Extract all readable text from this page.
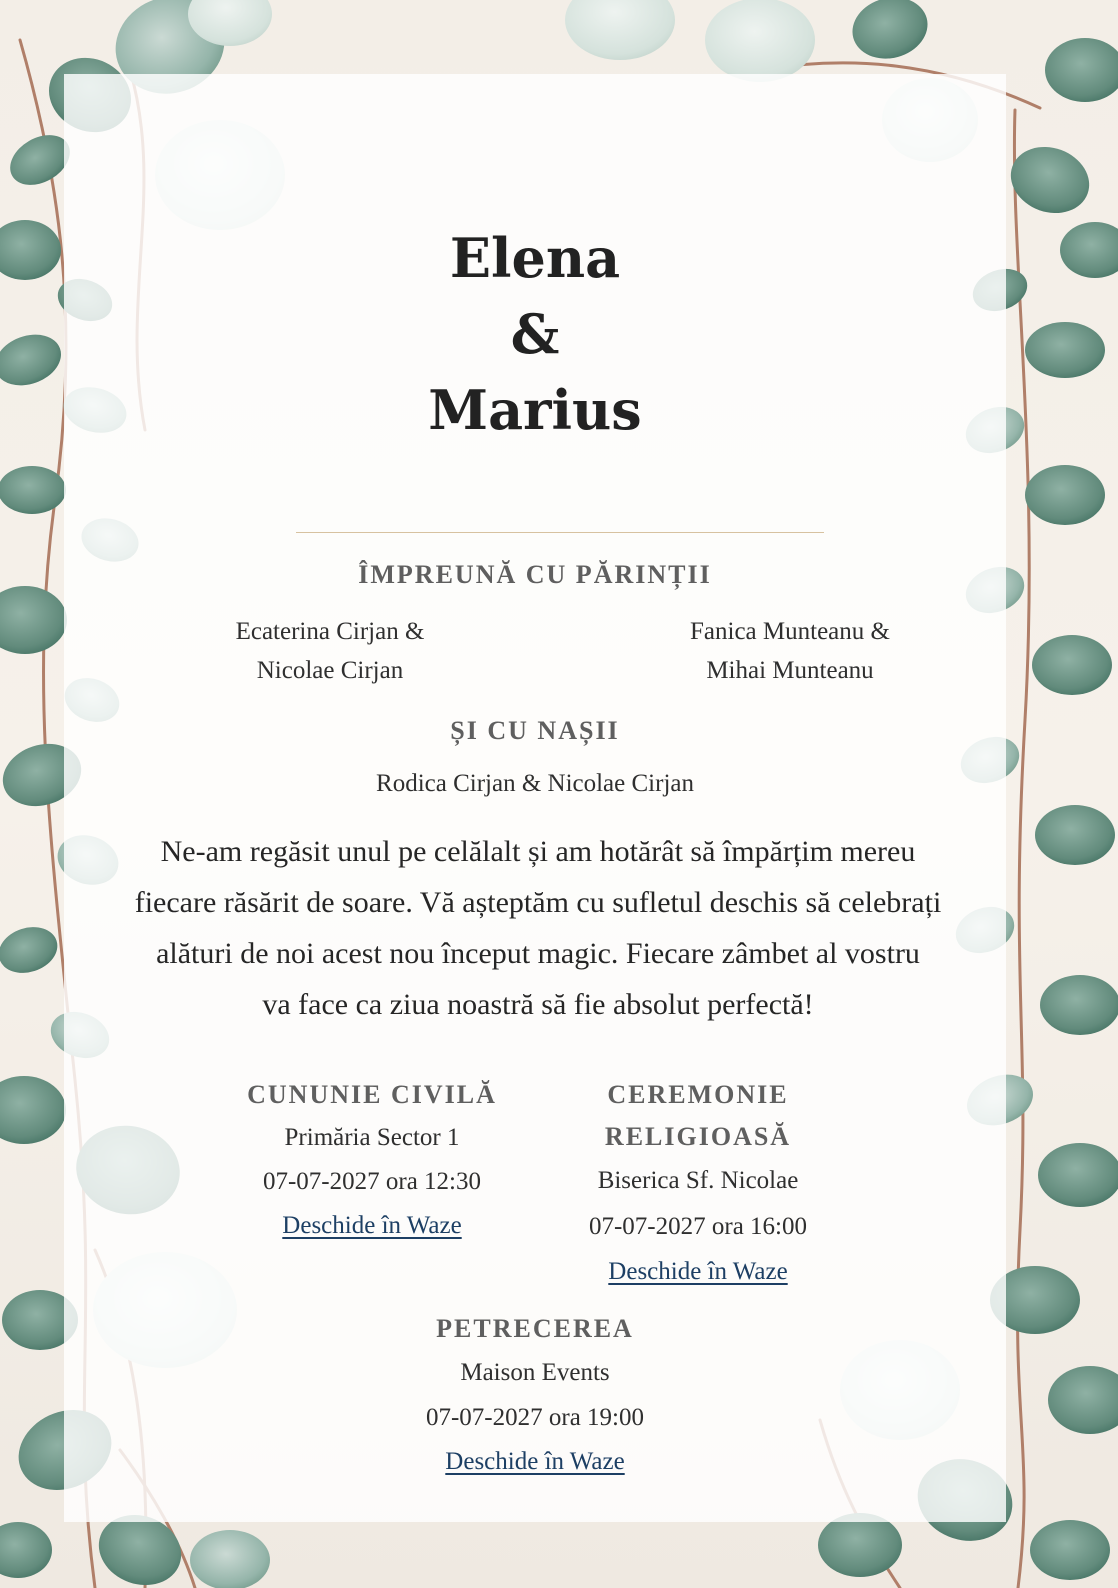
Elena
&
Marius
ÎMPREUNĂ CU PĂRINȚII
Ecaterina Cirjan &
Nicolae Cirjan
Fanica Munteanu &
Mihai Munteanu
ȘI CU NAȘII
Rodica Cirjan & Nicolae Cirjan
Ne-am regăsit unul pe celălalt și am hotărât să împărțim mereu
fiecare răsărit de soare. Vă așteptăm cu sufletul deschis să celebrați
alături de noi acest nou început magic. Fiecare zâmbet al vostru
va face ca ziua noastră să fie absolut perfectă!
CUNUNIE CIVILĂ
Primăria Sector 1
07-07-2027 ora 12:30
Deschide în Waze
CEREMONIE
RELIGIOASĂ
Biserica Sf. Nicolae
07-07-2027 ora 16:00
Deschide în Waze
PETRECEREA
Maison Events
07-07-2027 ora 19:00
Deschide în Waze
